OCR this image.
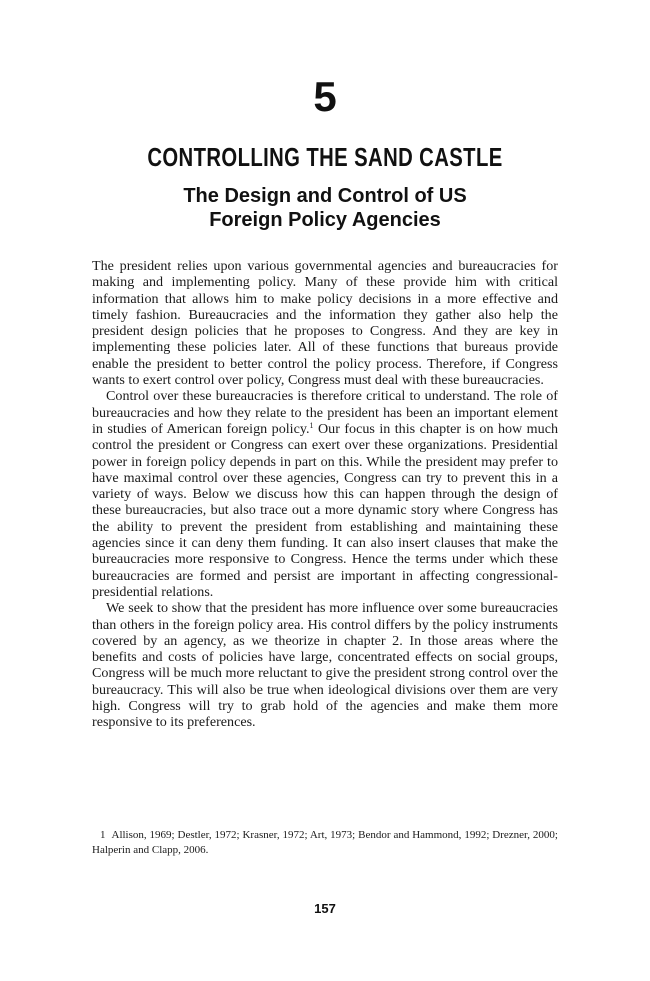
5
CONTROLLING THE SAND CASTLE
The Design and Control of US
Foreign Policy Agencies

The president relies upon various governmental agencies and bureaucracies for making and implementing policy. Many of these provide him with critical information that allows him to make policy decisions in a more effective and timely fashion. Bureaucracies and the information they gather also help the president design policies that he proposes to Congress. And they are key in implementing these policies later. All of these functions that bureaus provide enable the president to better control the policy process. Therefore, if Congress wants to exert control over policy, Congress must deal with these bureaucracies.

Control over these bureaucracies is therefore critical to understand. The role of bureaucracies and how they relate to the president has been an important element in studies of American foreign policy.$^1$ Our focus in this chapter is on how much control the president or Congress can exert over these organizations. Presidential power in foreign policy depends in part on this. While the president may prefer to have maximal control over these agencies, Congress can try to prevent this in a variety of ways. Below we discuss how this can happen through the design of these bureaucracies, but also trace out a more dynamic story where Congress has the ability to prevent the president from establishing and maintaining these agencies since it can deny them funding. It can also insert clauses that make the bureaucracies more responsive to Congress. Hence the terms under which these bureaucracies are formed and persist are important in affecting congressional-presidential relations.

We seek to show that the president has more influence over some bureaucracies than others in the foreign policy area. His control differs by the policy instruments covered by an agency, as we theorize in chapter 2. In those areas where the benefits and costs of policies have large, concentrated effects on social groups, Congress will be much more reluctant to give the president strong control over the bureaucracy. This will also be true when ideological divisions over them are very high. Congress will try to grab hold of the agencies and make them more responsive to its preferences.

1 Allison, 1969; Destler, 1972; Krasner, 1972; Art, 1973; Bendor and Hammond, 1992; Drezner, 2000; Halperin and Clapp, 2006.
157
